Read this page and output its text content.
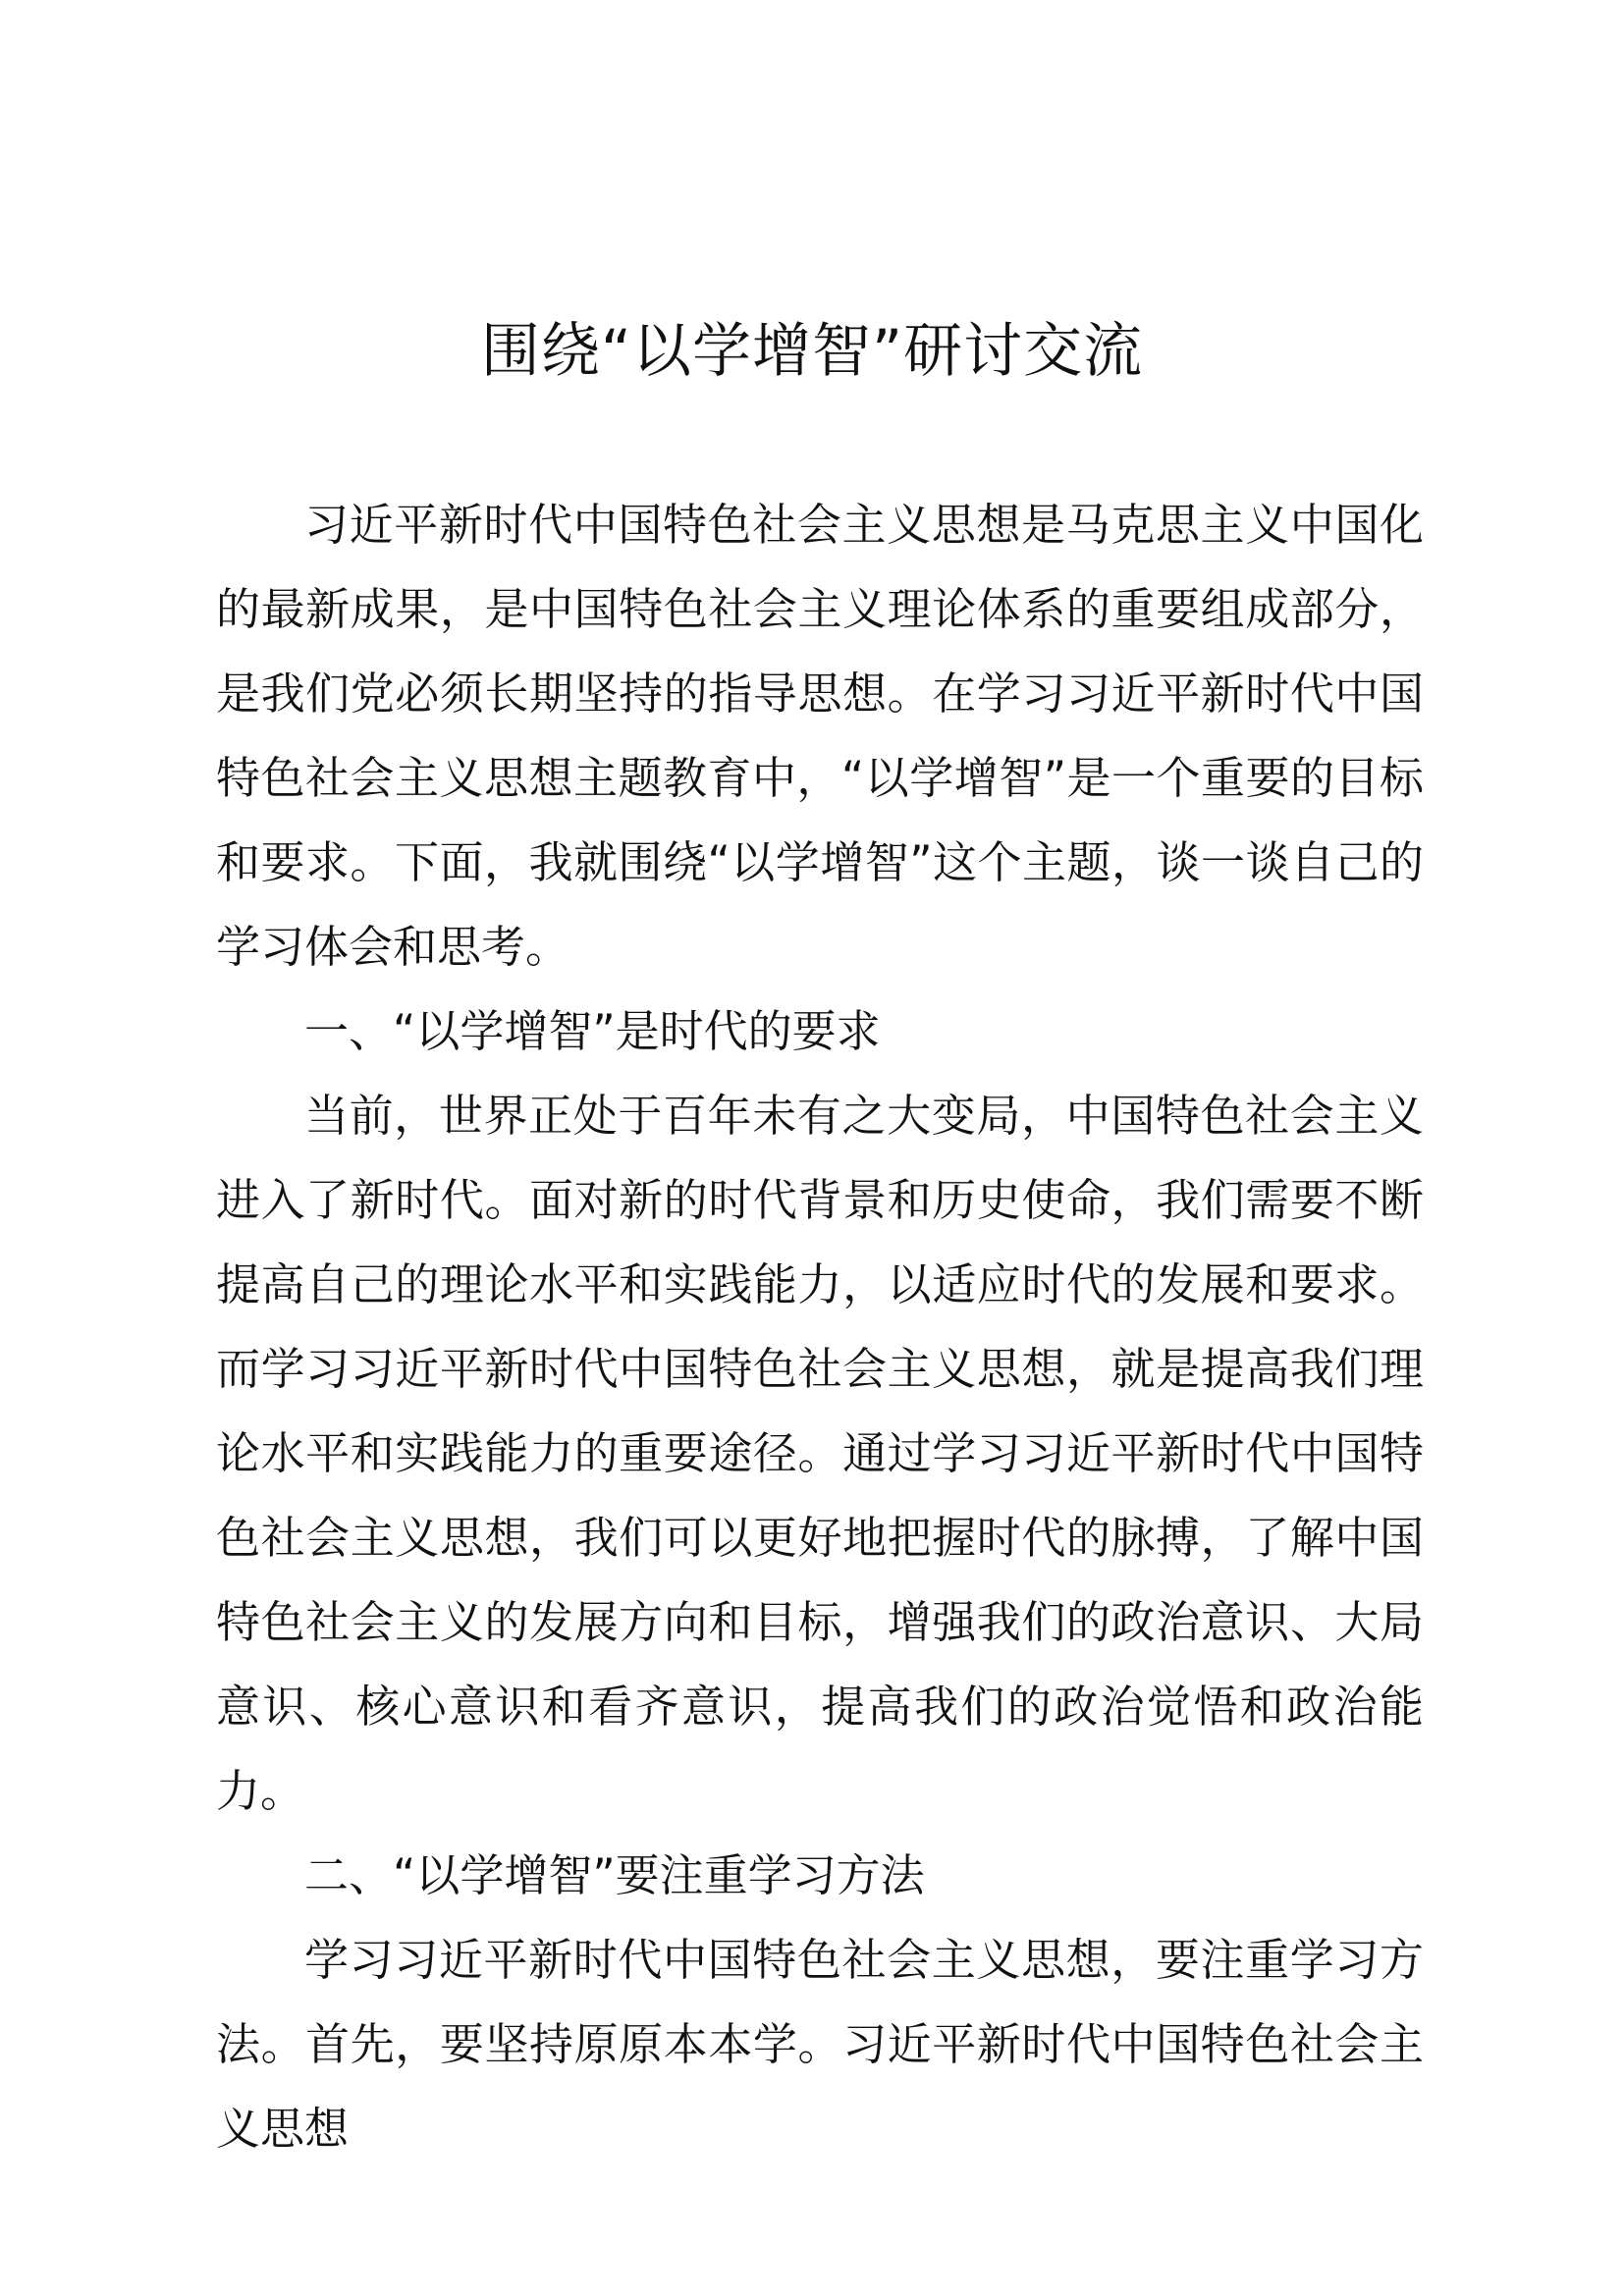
围绕“以学增智”研讨交流

习近平新时代中国特色社会主义思想是马克思主义中国化的最新成果，是中国特色社会主义理论体系的重要组成部分，是我们党必须长期坚持的指导思想。在学习习近平新时代中国特色社会主义思想主题教育中，“以学增智”是一个重要的目标和要求。下面，我就围绕“以学增智”这个主题，谈一谈自己的学习体会和思考。

一、“以学增智”是时代的要求

当前，世界正处于百年未有之大变局，中国特色社会主义进入了新时代。面对新的时代背景和历史使命，我们需要不断提高自己的理论水平和实践能力，以适应时代的发展和要求。而学习习近平新时代中国特色社会主义思想，就是提高我们理论水平和实践能力的重要途径。通过学习习近平新时代中国特色社会主义思想，我们可以更好地把握时代的脉搏，了解中国特色社会主义的发展方向和目标，增强我们的政治意识、大局意识、核心意识和看齐意识，提高我们的政治觉悟和政治能力。

二、“以学增智”要注重学习方法

学习习近平新时代中国特色社会主义思想，要注重学习方法。首先，要坚持原原本本学。习近平新时代中国特色社会主义思想
